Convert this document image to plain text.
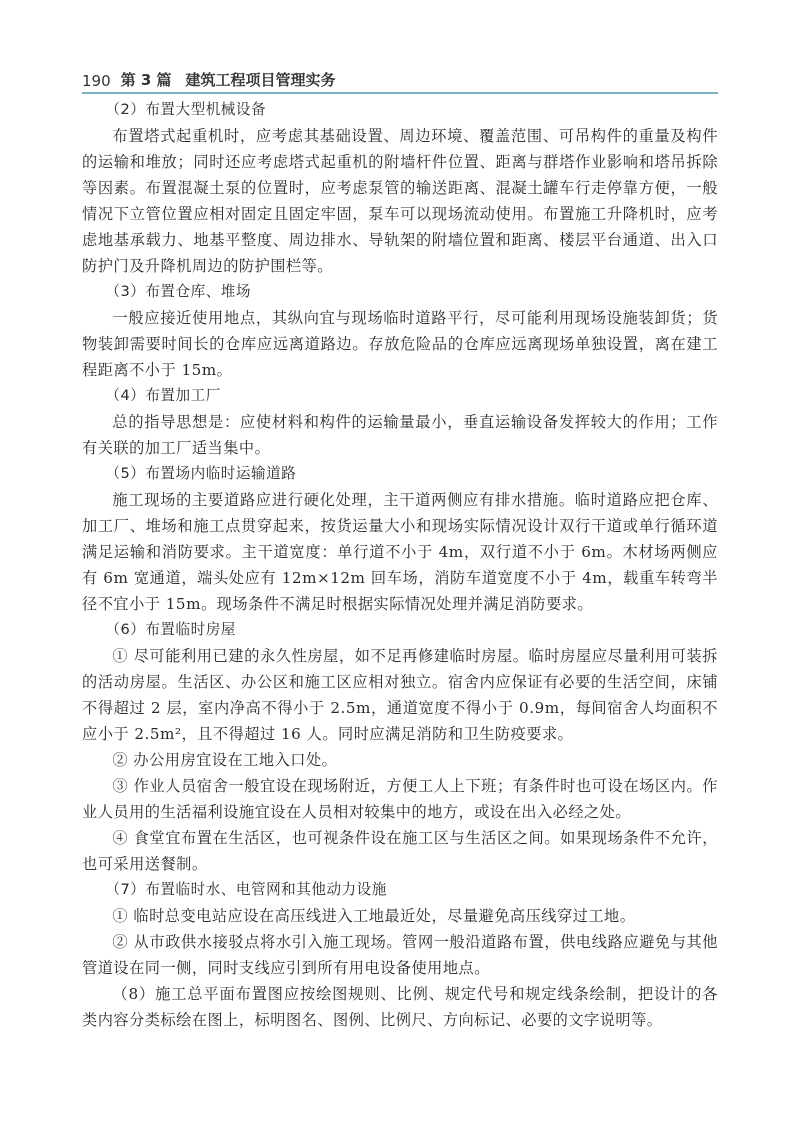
190 第 3 篇 建筑工程项目管理实务

（2）布置大型机械设备

布置塔式起重机时，应考虑其基础设置、周边环境、覆盖范围、可吊构件的重量及构件的运输和堆放；同时还应考虑塔式起重机的附墙杆件位置、距离与群塔作业影响和塔吊拆除等因素。布置混凝土泵的位置时，应考虑泵管的输送距离、混凝土罐车行走停靠方便，一般情况下立管位置应相对固定且固定牢固，泵车可以现场流动使用。布置施工升降机时，应考虑地基承载力、地基平整度、周边排水、导轨架的附墙位置和距离、楼层平台通道、出入口防护门及升降机周边的防护围栏等。

（3）布置仓库、堆场

一般应接近使用地点，其纵向宜与现场临时道路平行，尽可能利用现场设施装卸货；货物装卸需要时间长的仓库应远离道路边。存放危险品的仓库应远离现场单独设置，离在建工程距离不小于 15m。

（4）布置加工厂

总的指导思想是：应使材料和构件的运输量最小，垂直运输设备发挥较大的作用；工作有关联的加工厂适当集中。

（5）布置场内临时运输道路

施工现场的主要道路应进行硬化处理，主干道两侧应有排水措施。临时道路应把仓库、加工厂、堆场和施工点贯穿起来，按货运量大小和现场实际情况设计双行干道或单行循环道满足运输和消防要求。主干道宽度：单行道不小于 4m，双行道不小于 6m。木材场两侧应有 6m 宽通道，端头处应有 12m×12m 回车场，消防车道宽度不小于 4m，载重车转弯半径不宜小于 15m。现场条件不满足时根据实际情况处理并满足消防要求。

（6）布置临时房屋

① 尽可能利用已建的永久性房屋，如不足再修建临时房屋。临时房屋应尽量利用可装拆的活动房屋。生活区、办公区和施工区应相对独立。宿舍内应保证有必要的生活空间，床铺不得超过 2 层，室内净高不得小于 2.5m，通道宽度不得小于 0.9m，每间宿舍人均面积不应小于 2.5m²，且不得超过 16 人。同时应满足消防和卫生防疫要求。

② 办公用房宜设在工地入口处。

③ 作业人员宿舍一般宜设在现场附近，方便工人上下班；有条件时也可设在场区内。作业人员用的生活福利设施宜设在人员相对较集中的地方，或设在出入必经之处。

④ 食堂宜布置在生活区，也可视条件设在施工区与生活区之间。如果现场条件不允许，也可采用送餐制。

（7）布置临时水、电管网和其他动力设施

① 临时总变电站应设在高压线进入工地最近处，尽量避免高压线穿过工地。

② 从市政供水接驳点将水引入施工现场。管网一般沿道路布置，供电线路应避免与其他管道设在同一侧，同时支线应引到所有用电设备使用地点。

（8）施工总平面布置图应按绘图规则、比例、规定代号和规定线条绘制，把设计的各类内容分类标绘在图上，标明图名、图例、比例尺、方向标记、必要的文字说明等。
